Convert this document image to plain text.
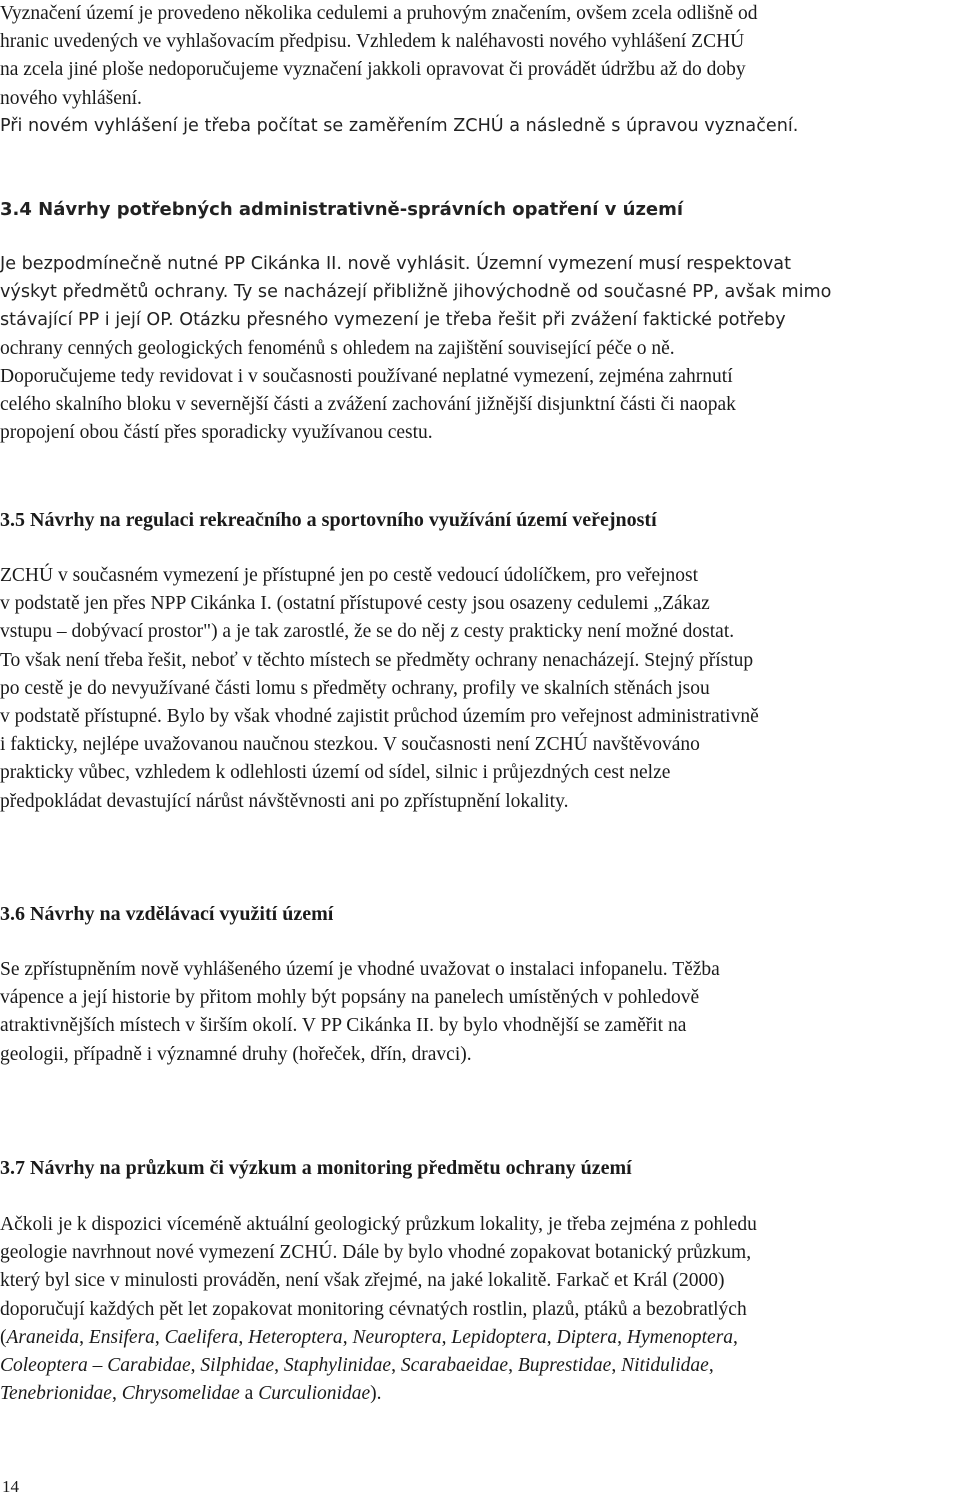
Vyznačení území je provedeno několika cedulemi a pruhovým značením, ovšem zcela odlišně od
hranic uvedených ve vyhlašovacím předpisu. Vzhledem k naléhavosti nového vyhlášení ZCHÚ
na zcela jiné ploše nedoporučujeme vyznačení jakkoli opravovat či provádět údržbu až do doby
nového vyhlášení.
Při novém vyhlášení je třeba počítat se zaměřením ZCHÚ a následně s úpravou vyznačení.
3.4 Návrhy potřebných administrativně-správních opatření v území
Je bezpodmínečně nutné PP Cikánka II. nově vyhlásit. Územní vymezení musí respektovat
výskyt předmětů ochrany. Ty se nacházejí přibližně jihovýchodně od současné PP, avšak mimo
stávající PP i její OP. Otázku přesného vymezení je třeba řešit při zvážení faktické potřeby
ochrany cenných geologických fenoménů s ohledem na zajištění související péče o ně.
Doporučujeme tedy revidovat i v současnosti používané neplatné vymezení, zejména zahrnutí
celého skalního bloku v severnější části a zvážení zachování jižnější disjunktní části či naopak
propojení obou částí přes sporadicky využívanou cestu.
3.5 Návrhy na regulaci rekreačního a sportovního využívání území veřejností
ZCHÚ v současném vymezení je přístupné jen po cestě vedoucí údolíčkem, pro veřejnost
v podstatě jen přes NPP Cikánka I. (ostatní přístupové cesty jsou osazeny cedulemi „Zákaz
vstupu – dobývací prostor") a je tak zarostlé, že se do něj z cesty prakticky není možné dostat.
To však není třeba řešit, neboť v těchto místech se předměty ochrany nenacházejí. Stejný přístup
po cestě je do nevyužívané části lomu s předměty ochrany, profily ve skalních stěnách jsou
v podstatě přístupné. Bylo by však vhodné zajistit průchod územím pro veřejnost administrativně
i fakticky, nejlépe uvažovanou naučnou stezkou. V současnosti není ZCHÚ navštěvováno
prakticky vůbec, vzhledem k odlehlosti území od sídel, silnic i průjezdných cest nelze
předpokládat devastující nárůst návštěvnosti ani po zpřístupnění lokality.
3.6 Návrhy na vzdělávací využití území
Se zpřístupněním nově vyhlášeného území je vhodné uvažovat o instalaci infopanelu. Těžba
vápence a její historie by přitom mohly být popsány na panelech umístěných v pohledově
atraktivnějších místech v širším okolí. V PP Cikánka II. by bylo vhodnější se zaměřit na
geologii, případně i významné druhy (hořeček, dřín, dravci).
3.7 Návrhy na průzkum či výzkum a monitoring předmětu ochrany území
Ačkoli je k dispozici víceméně aktuální geologický průzkum lokality, je třeba zejména z pohledu
geologie navrhnout nové vymezení ZCHÚ. Dále by bylo vhodné zopakovat botanický průzkum,
který byl sice v minulosti prováděn, není však zřejmé, na jaké lokalitě. Farkač et Král (2000)
doporučují každých pět let zopakovat monitoring cévnatých rostlin, plazů, ptáků a bezobratlých
(Araneida, Ensifera, Caelifera, Heteroptera, Neuroptera, Lepidoptera, Diptera, Hymenoptera,
Coleoptera – Carabidae, Silphidae, Staphylinidae, Scarabaeidae, Buprestidae, Nitidulidae,
Tenebrionidae, Chrysomelidae a Curculionidae).
14
